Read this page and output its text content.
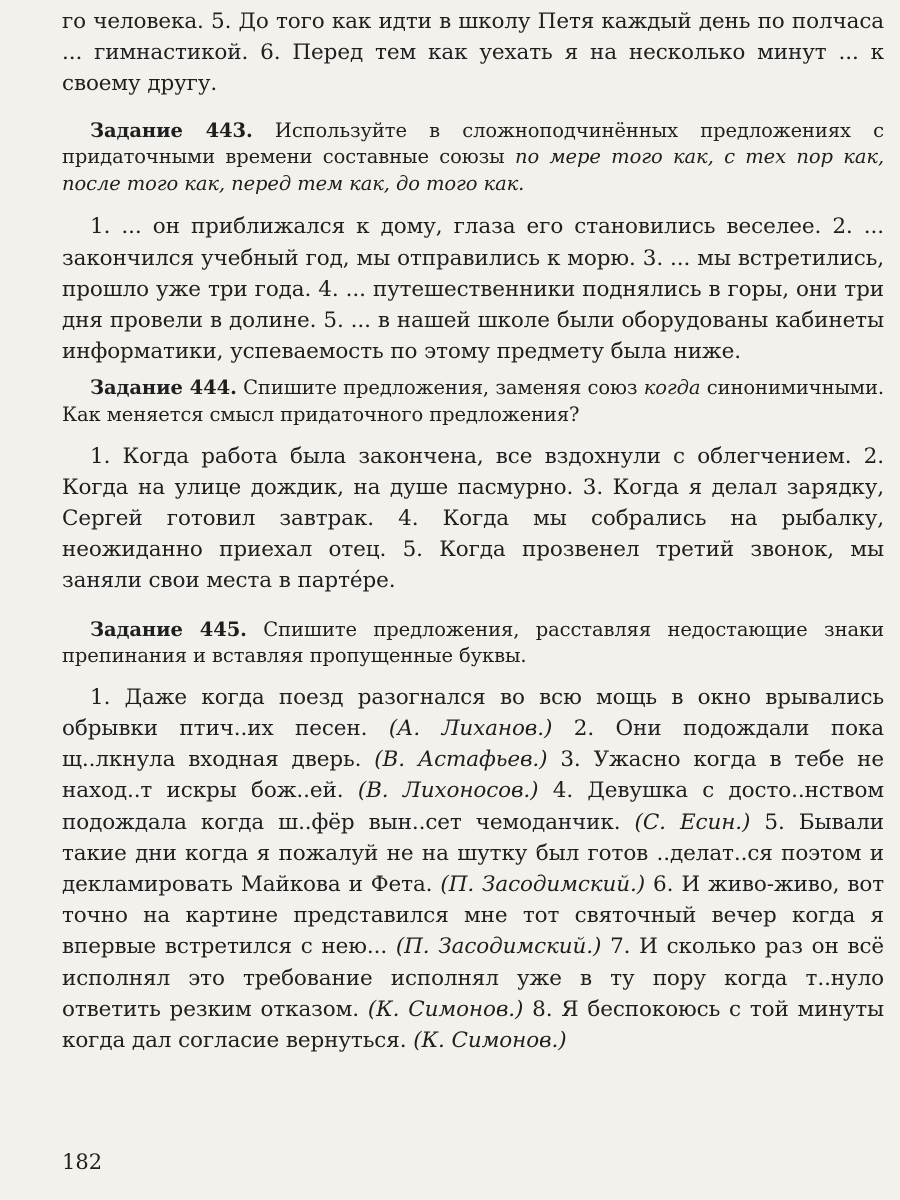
го человека. 5. До того как идти в школу Петя каждый день по полчаса ... гимнастикой. 6. Перед тем как уехать я на несколько минут ... к своему другу.

Задание 443. Используйте в сложноподчинённых предложениях с придаточными времени составные союзы по мере того как, с тех пор как, после того как, перед тем как, до того как.

1. ... он приближался к дому, глаза его становились веселее. 2. ... закончился учебный год, мы отправились к морю. 3. ... мы встретились, прошло уже три года. 4. ... путешественники поднялись в горы, они три дня провели в долине. 5. ... в нашей школе были оборудованы кабинеты информатики, успеваемость по этому предмету была ниже.

Задание 444. Спишите предложения, заменяя союз когда синонимичными. Как меняется смысл придаточного предложения?

1. Когда работа была закончена, все вздохнули с облегчением. 2. Когда на улице дождик, на душе пасмурно. 3. Когда я делал зарядку, Сергей готовил завтрак. 4. Когда мы собрались на рыбалку, неожиданно приехал отец. 5. Когда прозвенел третий звонок, мы заняли свои места в партéре.

Задание 445. Спишите предложения, расставляя недостающие знаки препинания и вставляя пропущенные буквы.

1. Даже когда поезд разогнался во всю мощь в окно врывались обрывки птич..их песен. (А. Лиханов.) 2. Они подождали пока щ..лкнула входная дверь. (В. Астафьев.) 3. Ужасно когда в тебе не наход..т искры бож..ей. (В. Лихоносов.) 4. Девушка с досто..нством подождала когда ш..фёр вын..сет чемоданчик. (С. Есин.) 5. Бывали такие дни когда я пожалуй не на шутку был готов ..делат..ся поэтом и декламировать Майкова и Фета. (П. Засодимский.) 6. И живо-живо, вот точно на картине представился мне тот святочный вечер когда я впервые встретился с нею... (П. Засодимский.) 7. И сколько раз он всё исполнял это требование исполнял уже в ту пору когда т..нуло ответить резким отказом. (К. Симонов.) 8. Я беспокоюсь с той минуты когда дал согласие вернуться. (К. Симонов.)

182
